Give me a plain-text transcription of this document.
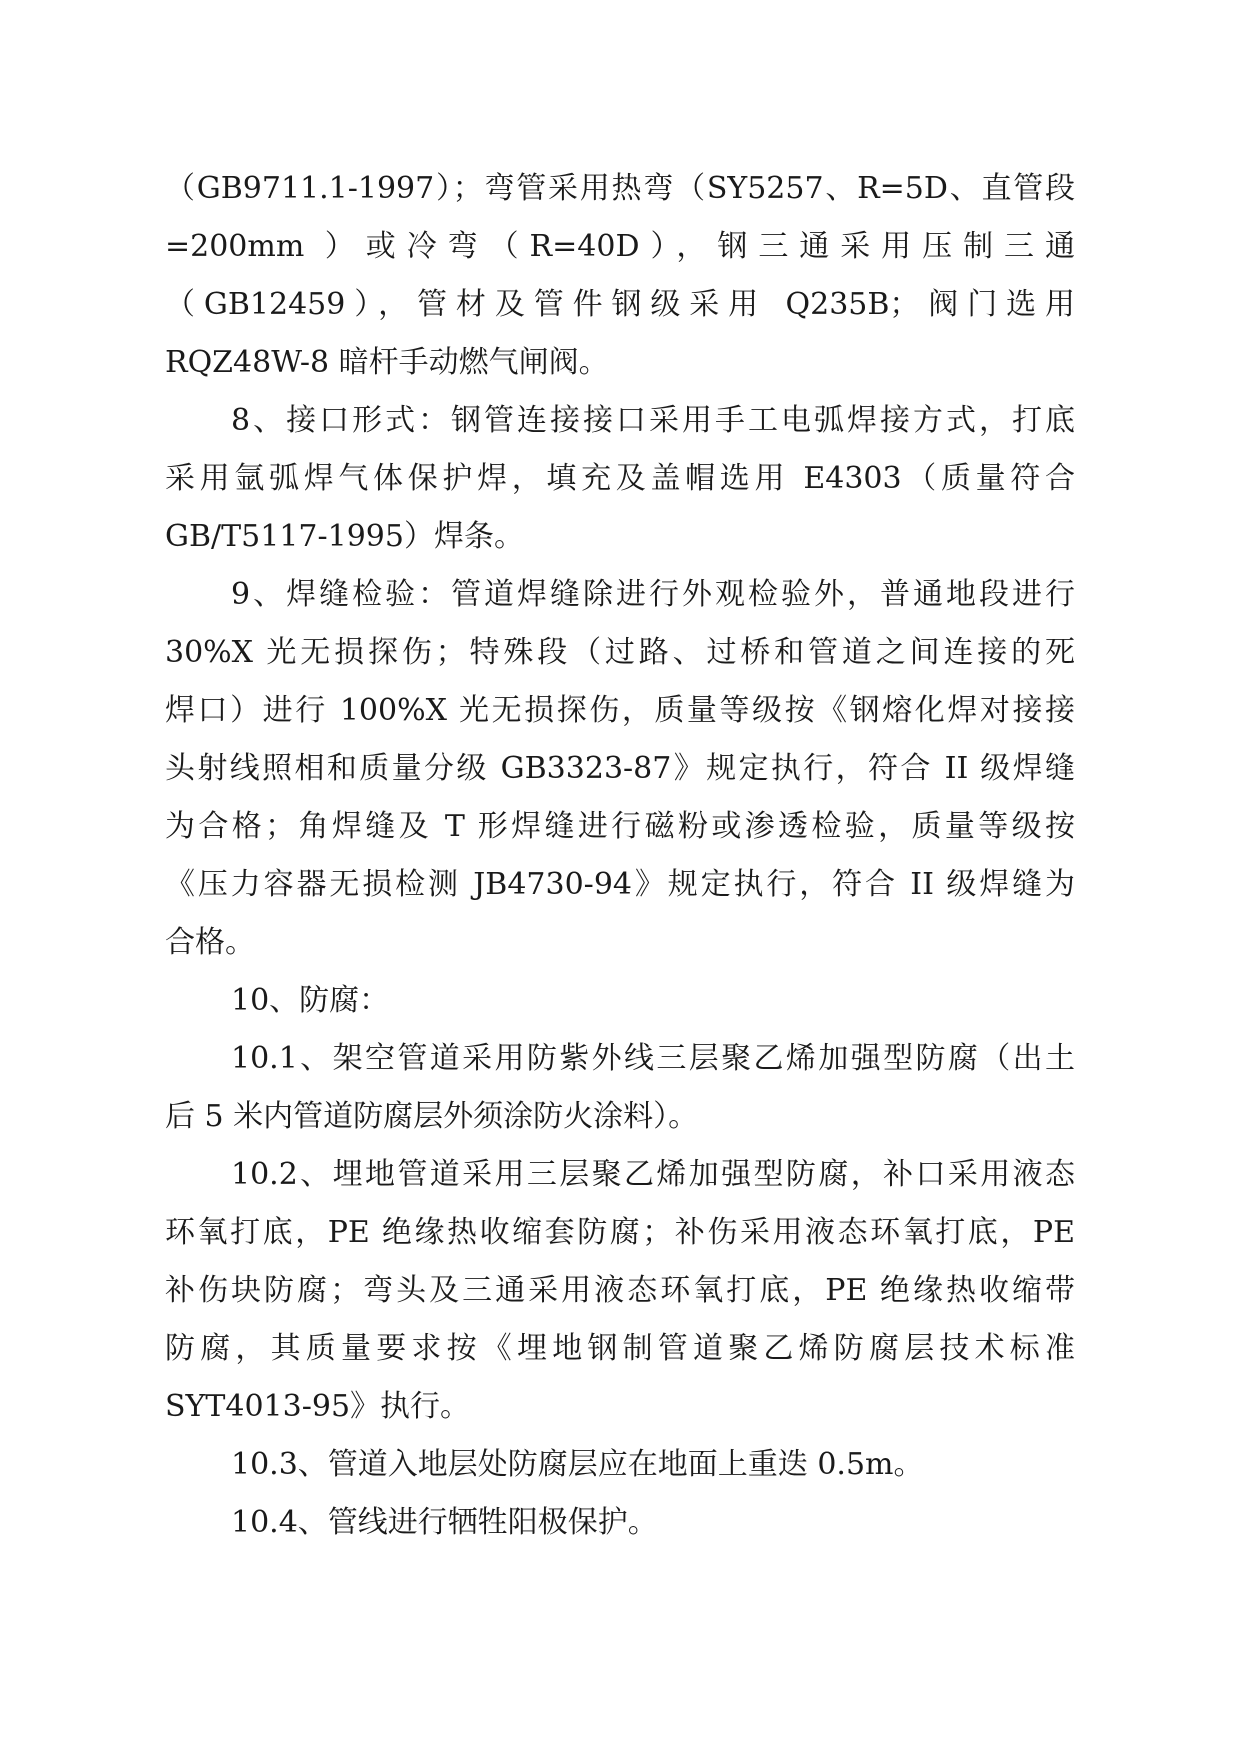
（GB9711.1-1997）；弯管采用热弯（SY5257、R=5D、直管段
=200mm ）或冷弯（R=40D），钢三通采用压制三通
（GB12459），管材及管件钢级采用 Q235B；阀门选用
RQZ48W-8 暗杆手动燃气闸阀。
8、接口形式：钢管连接接口采用手工电弧焊接方式，打底
采用氩弧焊气体保护焊，填充及盖帽选用 E4303（质量符合
GB/T5117-1995）焊条。
9、焊缝检验：管道焊缝除进行外观检验外，普通地段进行
30%X 光无损探伤；特殊段（过路、过桥和管道之间连接的死
焊口）进行 100%X 光无损探伤，质量等级按《钢熔化焊对接接
头射线照相和质量分级 GB3323-87》规定执行，符合 II 级焊缝
为合格；角焊缝及 T 形焊缝进行磁粉或渗透检验，质量等级按
《压力容器无损检测 JB4730-94》规定执行，符合 II 级焊缝为
合格。
10、防腐：
10.1、架空管道采用防紫外线三层聚乙烯加强型防腐（出土
后 5 米内管道防腐层外须涂防火涂料）。
10.2、埋地管道采用三层聚乙烯加强型防腐，补口采用液态
环氧打底，PE 绝缘热收缩套防腐；补伤采用液态环氧打底，PE
补伤块防腐；弯头及三通采用液态环氧打底，PE 绝缘热收缩带
防腐，其质量要求按《埋地钢制管道聚乙烯防腐层技术标准
SYT4013-95》执行。
10.3、管道入地层处防腐层应在地面上重迭 0.5m。
10.4、管线进行牺牲阳极保护。
